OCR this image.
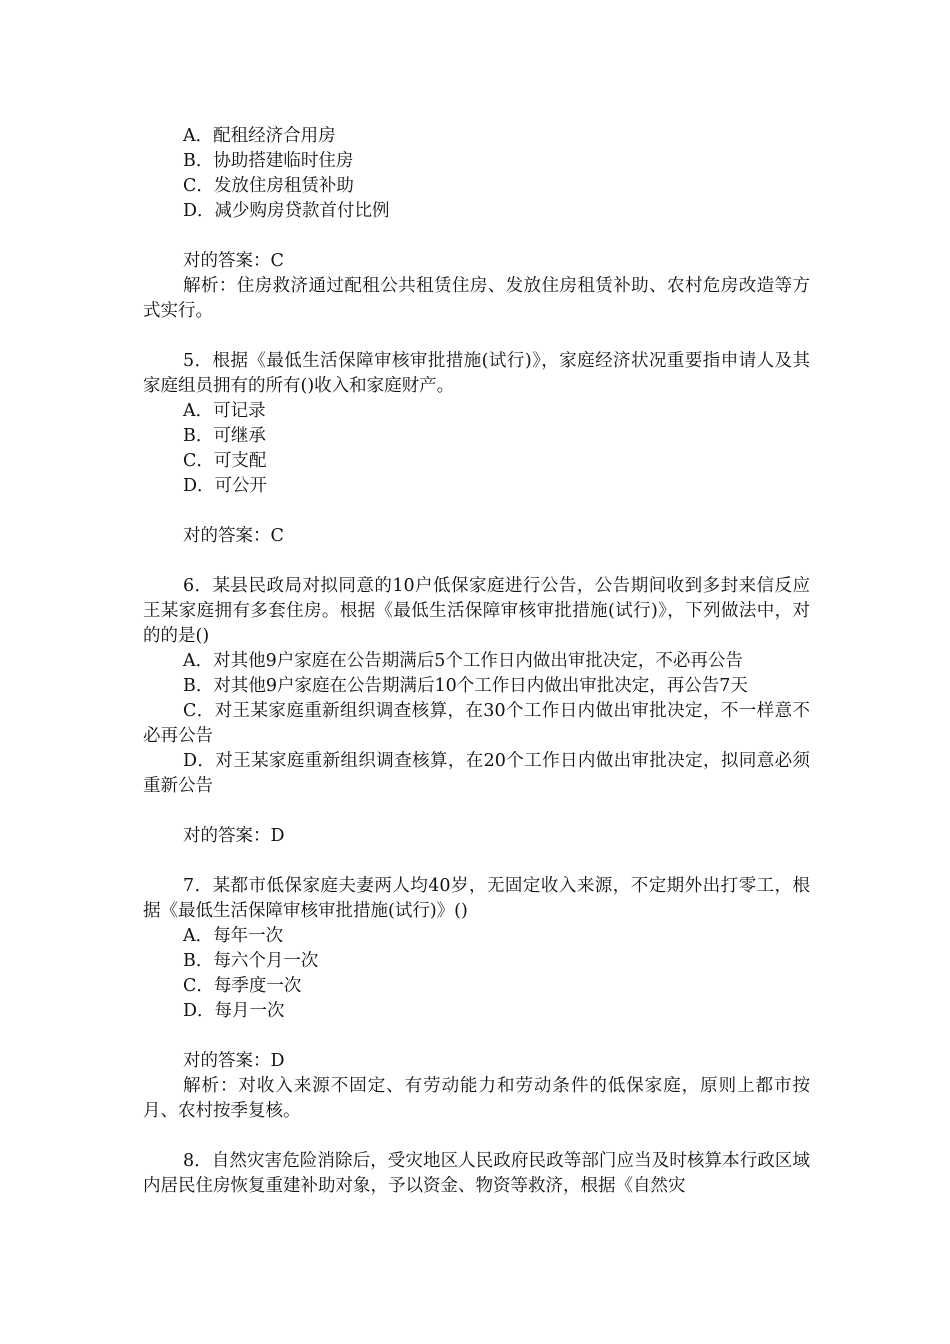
A．配租经济合用房

B．协助搭建临时住房

C．发放住房租赁补助

D．减少购房贷款首付比例

对的答案：C

解析：住房救济通过配租公共租赁住房、发放住房租赁补助、农村危房改造等方式实行。

5．根据《最低生活保障审核审批措施(试行)》，家庭经济状况重要指申请人及其家庭组员拥有的所有()收入和家庭财产。

A．可记录

B．可继承

C．可支配

D．可公开

对的答案：C

6．某县民政局对拟同意的10户低保家庭进行公告，公告期间收到多封来信反应王某家庭拥有多套住房。根据《最低生活保障审核审批措施(试行)》，下列做法中，对的的是()

A．对其他9户家庭在公告期满后5个工作日内做出审批决定，不必再公告

B．对其他9户家庭在公告期满后10个工作日内做出审批决定，再公告7天

C．对王某家庭重新组织调查核算，在30个工作日内做出审批决定，不一样意不必再公告

D．对王某家庭重新组织调查核算，在20个工作日内做出审批决定，拟同意必须重新公告

对的答案：D

7．某都市低保家庭夫妻两人均40岁，无固定收入来源，不定期外出打零工，根据《最低生活保障审核审批措施(试行)》()

A．每年一次

B．每六个月一次

C．每季度一次

D．每月一次

对的答案：D

解析：对收入来源不固定、有劳动能力和劳动条件的低保家庭，原则上都市按月、农村按季复核。

8．自然灾害危险消除后，受灾地区人民政府民政等部门应当及时核算本行政区域内居民住房恢复重建补助对象，予以资金、物资等救济，根据《自然灾
